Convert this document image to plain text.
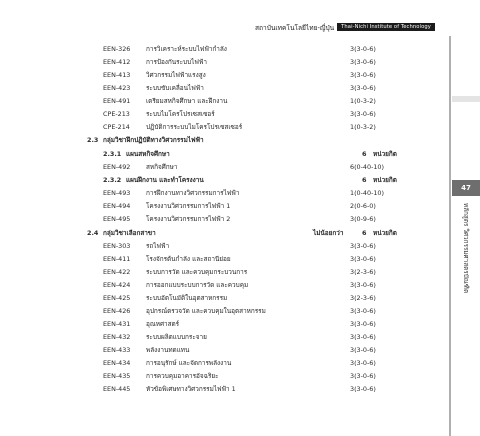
สถาบันเทคโนโลยีไทย-ญี่ปุ่น	Thai-Nichi Institute of Technology
EEN-326 การวิเคราะห์ระบบไฟฟ้ากำลัง	3(3-0-6)
EEN-412 การป้องกันระบบไฟฟ้า	3(3-0-6)
EEN-413 วิศวกรรมไฟฟ้าแรงสูง	3(3-0-6)
EEN-423 ระบบขับเคลื่อนไฟฟ้า	3(3-0-6)
EEN-491 เตรียมสหกิจศึกษา และฝึกงาน	1(0-3-2)
CPE-213	ระบบไมโครโปรเซสเซอร์	3(3-0-6)
CPE-214	ปฏิบัติการระบบไมโครโปรเซสเซอร์	1(0-3-2)
2.3 กลุ่มวิชาฝึกปฏิบัติทางวิศวกรรมไฟฟ้า
2.3.1 แผนสหกิจศึกษา	6 หน่วยกิต
EEN-492 สหกิจศึกษา	6(0-40-10)
2.3.2 แผนฝึกงาน และทำโครงงาน	6 หน่วยกิต
EEN-493 การฝึกงานทางวิศวกรรมการไฟฟ้า	1(0-40-10)
EEN-494 โครงงานวิศวกรรมการไฟฟ้า 1	2(0-6-0)
EEN-495 โครงงานวิศวกรรมการไฟฟ้า 2	3(0-9-6)
2.4 กลุ่มวิชาเลือกสาขา	ไม่น้อยกว่า	6 หน่วยกิต
EEN-303 รถไฟฟ้า	3(3-0-6)
EEN-411 โรงจักรต้นกำลัง และสถานีย่อย	3(3-0-6)
EEN-422 ระบบการวัด และควบคุมกระบวนการ	3(2-3-6)
EEN-424 การออกแบบระบบการวัด และควบคุม	3(3-0-6)
EEN-425 ระบบอัตโนมัติในอุตสาหกรรม	3(2-3-6)
EEN-426 อุปกรณ์ตรวจวัด และควบคุมในอุตสาหกรรม	3(3-0-6)
EEN-431 อุณหศาสตร์	3(3-0-6)
EEN-432 ระบบผลิตแบบกระจาย	3(3-0-6)
EEN-433 พลังงานทดแทน	3(3-0-6)
EEN-434 การอนุรักษ์ และจัดการพลังงาน	3(3-0-6)
EEN-435 การควบคุมอาคารอัจฉริยะ	3(3-0-6)
EEN-445 หัวข้อพิเศษทางวิศวกรรมไฟฟ้า 1	3(3-0-6)
47
หลักสูตร วิศวกรรมศาสตรบัณฑิต
